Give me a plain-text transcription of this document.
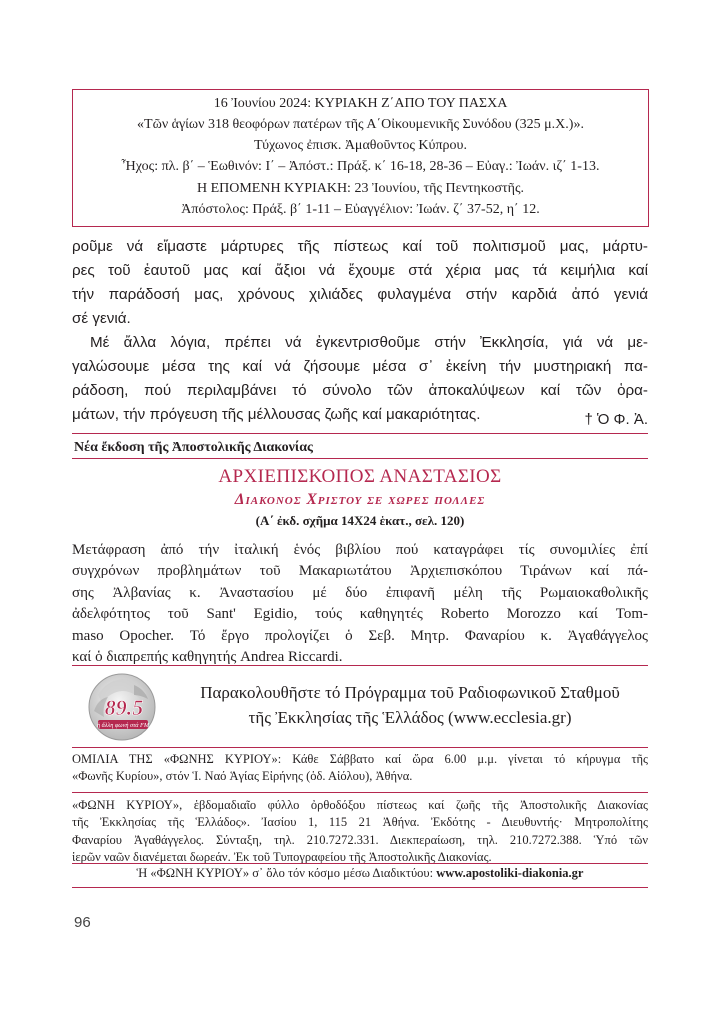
16 Ἰουνίου 2024: ΚΥΡΙΑΚΗ Ζ΄ΑΠΟ ΤΟΥ ΠΑΣΧΑ
«Τῶν ἁγίων 318 θεοφόρων πατέρων τῆς Α΄Οἰκουμενικῆς Συνόδου (325 μ.Χ.)».
Τύχωνος ἐπισκ. Ἀμαθοῦντος Κύπρου.
Ἦχος: πλ. β΄ – Ἑωθινόν: Ι΄ – Ἀπόστ.: Πράξ. κ΄ 16-18, 28-36 – Εὐαγ.: Ἰωάν. ιζ΄ 1-13.
Η ΕΠΟΜΕΝΗ ΚΥΡΙΑΚΗ: 23 Ἰουνίου, τῆς Πεντηκοστῆς.
Ἀπόστολος: Πράξ. β΄ 1-11 – Εὐαγγέλιον: Ἰωάν. ζ΄ 37-52, η΄ 12.
ροῦμε νά εἴμαστε μάρτυρες τῆς πίστεως καί τοῦ πολιτισμοῦ μας, μάρτυ-
ρες τοῦ ἑαυτοῦ μας καί ἄξιοι νά ἔχουμε στά χέρια μας τά κειμήλια καί
τήν παράδοσή μας, χρόνους χιλιάδες φυλαγμένα στήν καρδιά ἀπό γενιά
σέ γενιά.
Μέ ἄλλα λόγια, πρέπει νά ἐγκεντρισθοῦμε στήν Ἐκκλησία, γιά νά με-
γαλώσουμε μέσα της καί νά ζήσουμε μέσα σ᾽ ἐκείνη τήν μυστηριακή πα-
ράδοση, πού περιλαμβάνει τό σύνολο τῶν ἀποκαλύψεων καί τῶν ὁρα-
μάτων, τήν πρόγευση τῆς μέλλουσας ζωῆς καί μακαριότητας.	† Ὁ Φ. Ἀ.
Νέα ἔκδοση τῆς Ἀποστολικῆς Διακονίας
ΑΡΧΙΕΠΙΣΚΟΠΟΣ ΑΝΑΣΤΑΣΙΟΣ
Διακονος Χριστου σε χωρες πολλες
(Α΄ ἐκδ. σχῆμα 14Χ24 ἑκατ., σελ. 120)
Μετάφραση ἀπό τήν ἰταλική ἑνός βιβλίου πού καταγράφει τίς συνομιλίες ἐπί
συγχρόνων προβλημάτων τοῦ Μακαριωτάτου Ἀρχιεπισκόπου Τιράνων καί πά-
σης Ἀλβανίας κ. Ἀναστασίου μέ δύο ἐπιφανῆ μέλη τῆς Ρωμαιοκαθολικῆς
ἀδελφότητος τοῦ Sant' Egidio, τούς καθηγητές Roberto Morozzo καί Tom-
maso Opocher. Τό ἔργο προλογίζει ὁ Σεβ. Μητρ. Φαναρίου κ. Ἀγαθάγγελος
καί ὁ διαπρεπής καθηγητής Andrea Riccardi.
89.5
ἡ ἄλλη φωνή στά FM
Παρακολουθῆστε τό Πρόγραμμα τοῦ Ραδιοφωνικοῦ Σταθμοῦ
τῆς Ἐκκλησίας τῆς Ἑλλάδος (www.ecclesia.gr)
ΟΜΙΛΙΑ ΤΗΣ «ΦΩΝΗΣ ΚΥΡΙΟΥ»: Κάθε Σάββατο καί ὥρα 6.00 μ.μ. γίνεται τό κήρυγμα τῆς
«Φωνῆς Κυρίου», στόν Ἱ. Ναό Ἁγίας Εἰρήνης (ὁδ. Αἰόλου), Ἀθήνα.
«ΦΩΝΗ ΚΥΡΙΟΥ», ἑβδομαδιαῖο φύλλο ὀρθοδόξου πίστεως καί ζωῆς τῆς Ἀποστολικῆς Διακονίας
τῆς Ἐκκλησίας τῆς Ἑλλάδος». Ἰασίου 1, 115 21 Ἀθήνα. Ἐκδότης - Διευθυντής· Μητροπολίτης
Φαναρίου Ἀγαθάγγελος. Σύνταξη, τηλ. 210.7272.331. Διεκπεραίωση, τηλ. 210.7272.388. Ὑπό τῶν
ἱερῶν ναῶν διανέμεται δωρεάν. Ἐκ τοῦ Τυπογραφείου τῆς Ἀποστολικῆς Διακονίας.
Ἡ «ΦΩΝΗ ΚΥΡΙΟΥ» σ᾽ ὅλο τόν κόσμο μέσω Διαδικτύου: www.apostoliki-diakonia.gr
96
